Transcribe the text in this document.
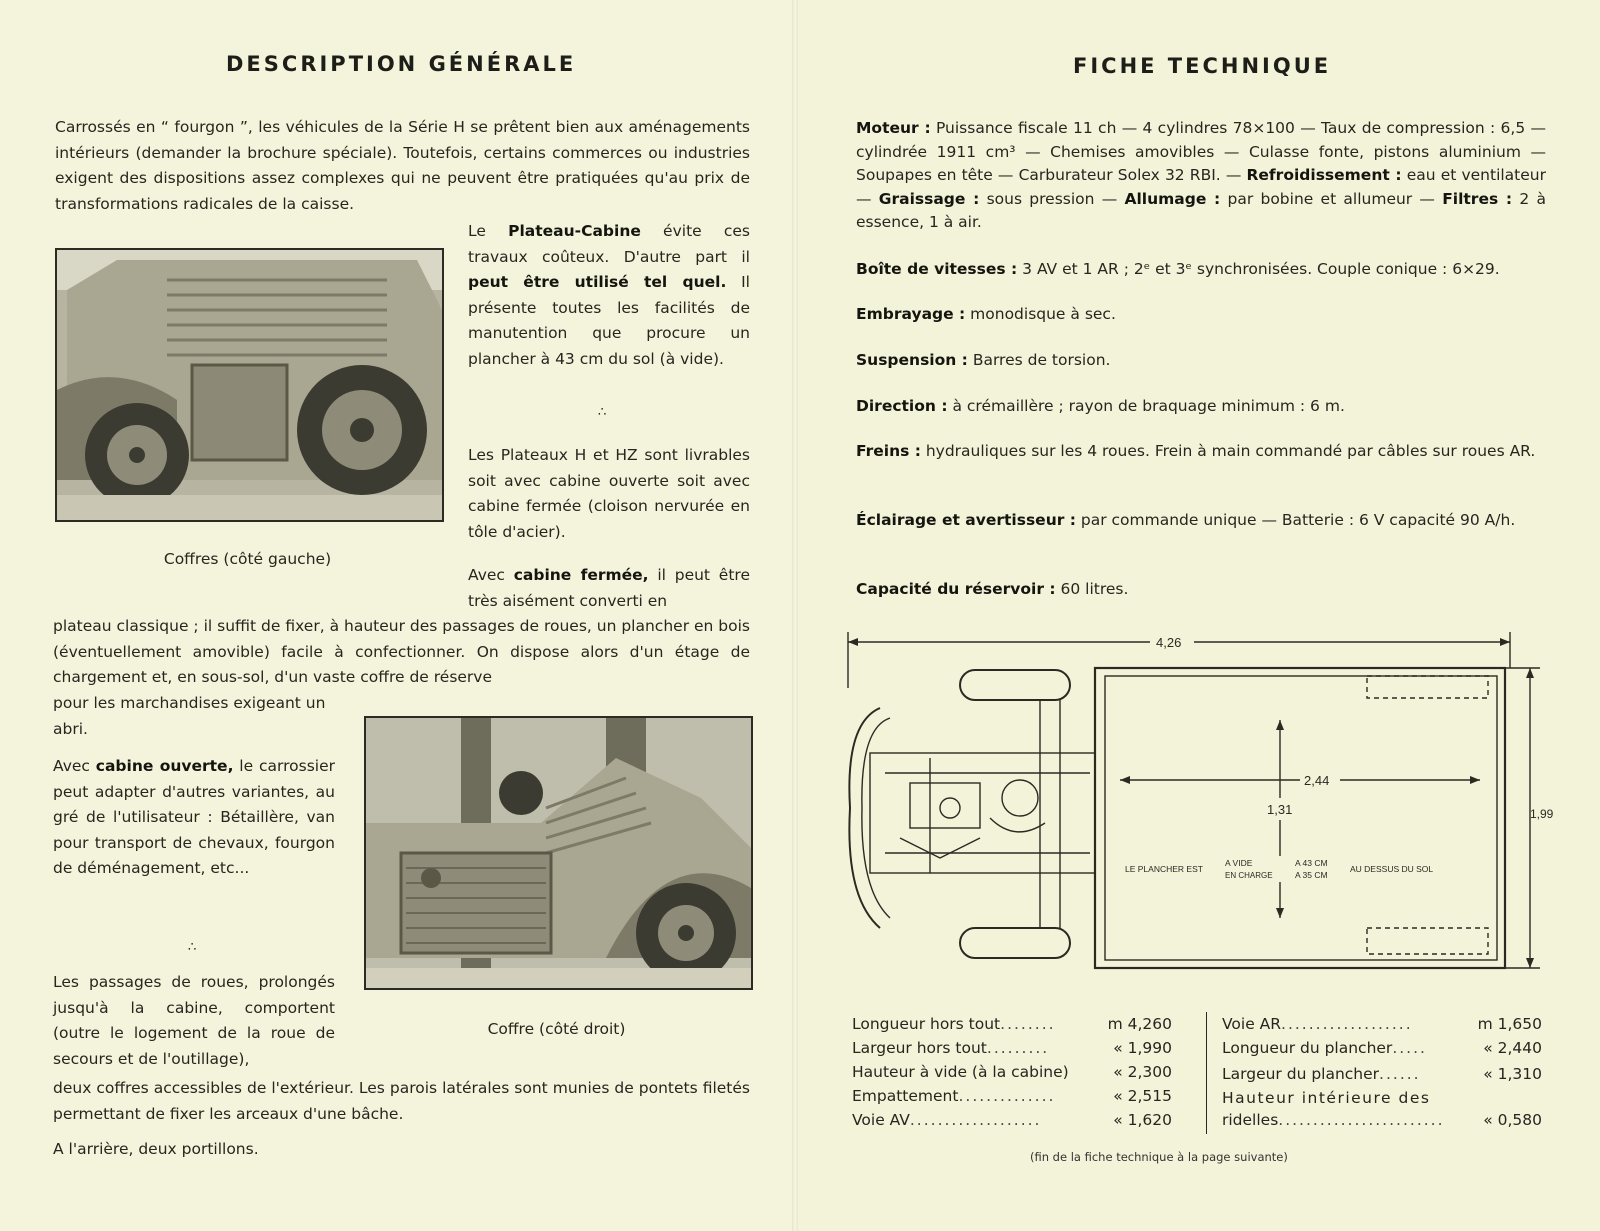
DESCRIPTION GÉNÉRALE
Carrossés en “ fourgon ”, les véhicules de la Série H se prêtent bien aux aménagements intérieurs (demander la brochure spéciale). Toutefois, certains commerces ou industries exigent des dispositions assez complexes qui ne peuvent être pratiquées qu'au prix de transformations radicales de la caisse.
Le Plateau-Cabine évite ces travaux coûteux. D'autre part il peut être utilisé tel quel. Il présente toutes les facilités de manutention que procure un plancher à 43 cm du sol (à vide).
Coffres (côté gauche)
∴
Les Plateaux H et HZ sont livrables soit avec cabine ouverte soit avec cabine fermée (cloison nervurée en tôle d'acier).
Avec cabine fermée, il peut être très aisément converti en
plateau classique ; il suffit de fixer, à hauteur des passages de roues, un plancher en bois (éventuellement amovible) facile à confectionner. On dispose alors d'un étage de chargement et, en sous-sol, d'un vaste coffre de réserve
pour les marchandises exigeant un abri.
Avec cabine ouverte, le carrossier peut adapter d'autres variantes, au gré de l'utilisateur : Bétaillère, van pour transport de chevaux, fourgon de déménagement, etc...
Coffre (côté droit)
∴
Les passages de roues, prolongés jusqu'à la cabine, comportent (outre le logement de la roue de secours et de l'outillage),
deux coffres accessibles de l'extérieur. Les parois latérales sont munies de pontets filetés permettant de fixer les arceaux d'une bâche.
A l'arrière, deux portillons.
FICHE TECHNIQUE
Moteur : Puissance fiscale 11 ch — 4 cylindres 78×100 — Taux de compression : 6,5 — cylindrée 1911 cm³ — Chemises amovibles — Culasse fonte, pistons aluminium — Soupapes en tête — Carburateur Solex 32 RBI. — Refroidissement : eau et ventilateur — Graissage : sous pression — Allumage : par bobine et allumeur — Filtres : 2 à essence, 1 à air.
Boîte de vitesses : 3 AV et 1 AR ; 2ᵉ et 3ᵉ synchronisées. Couple conique : 6×29.
Embrayage : monodisque à sec.
Suspension : Barres de torsion.
Direction : à crémaillère ; rayon de braquage minimum : 6 m.
Freins : hydrauliques sur les 4 roues. Frein à main commandé par câbles sur roues AR.
Éclairage et avertisseur : par commande unique — Batterie : 6 V capacité 90 A/h.
Capacité du réservoir : 60 litres.
4,26
2,44
1,31	1,99
LE PLANCHER EST
A VIDE
EN CHARGE
A 43 CM
A 35 CM
AU DESSUS DU SOL
Longueur hors tout ........	m 4,260
Largeur hors tout .........	« 1,990
Hauteur à vide (à la cabine)	« 2,300
Empattement ..............	« 2,515
Voie AV ...................	« 1,620
Voie AR ...................	m 1,650
Longueur du plancher .....	« 2,440
Largeur du plancher ......	« 1,310
Hauteur intérieure des
ridelles ........................	« 0,580
(fin de la fiche technique à la page suivante)
